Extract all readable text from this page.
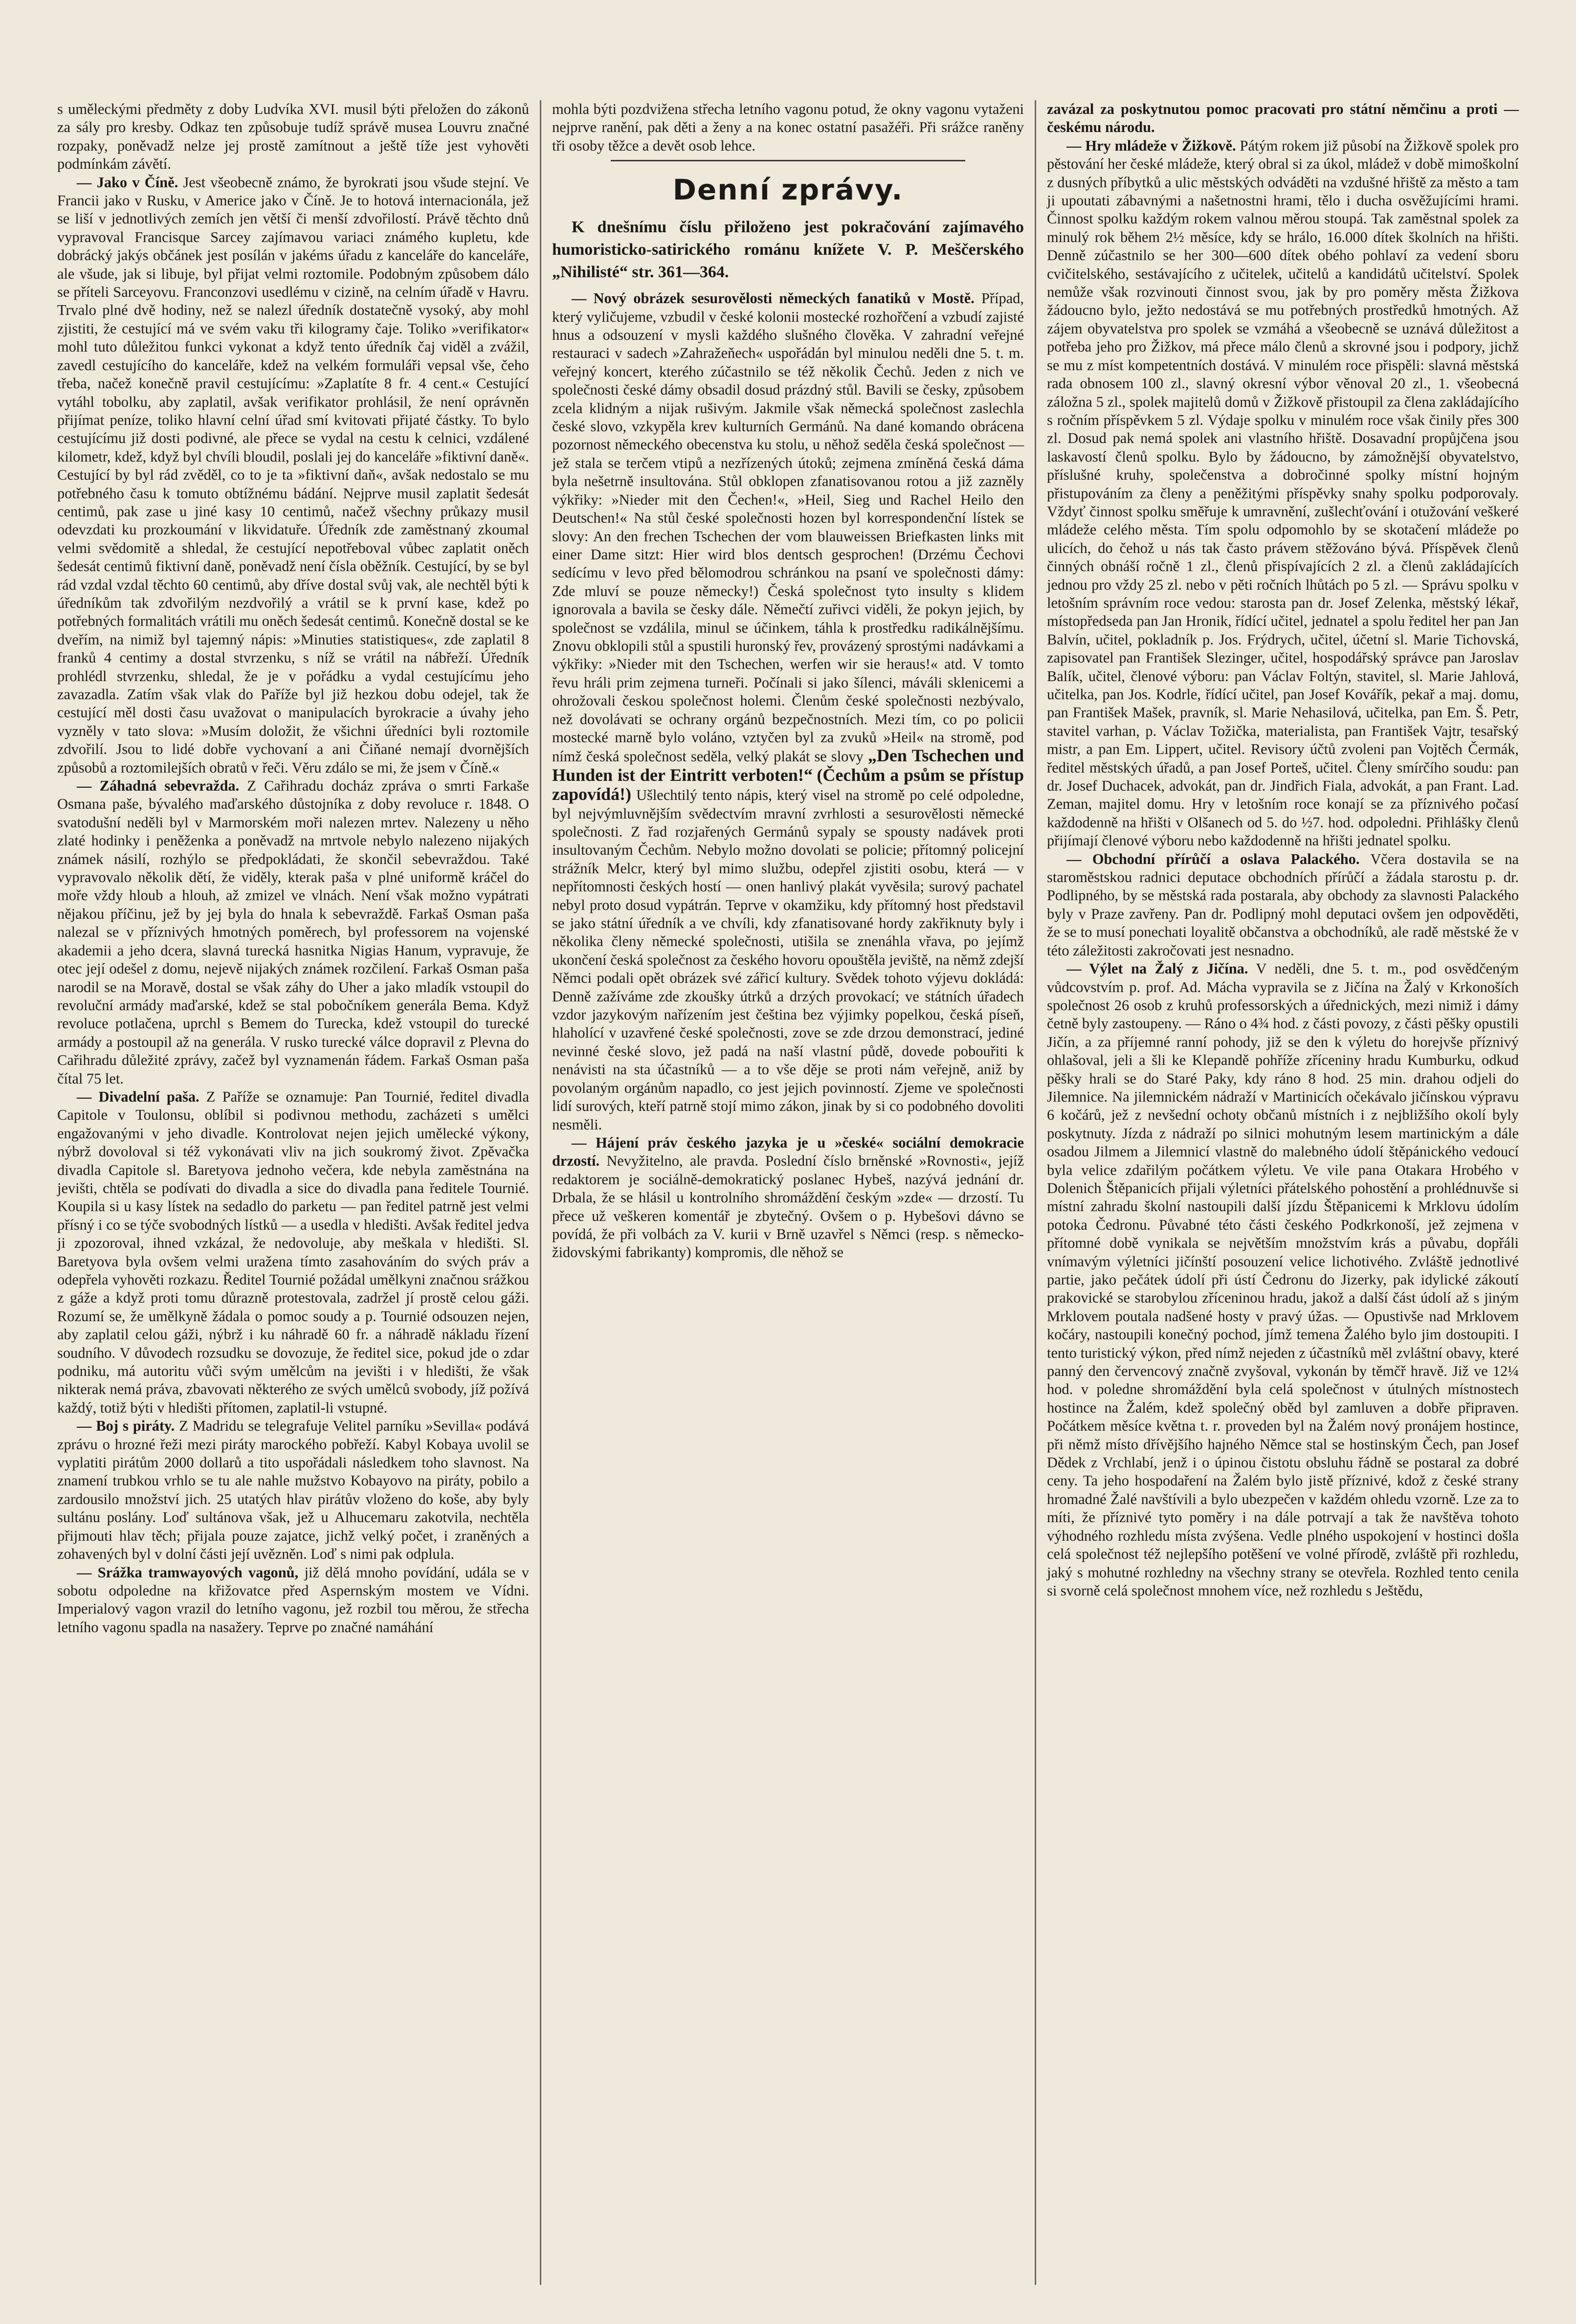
s uměleckými předměty z doby Ludvíka XVI. musil býti přeložen do zákonů za sály pro kresby. Odkaz ten způsobuje tudíž správě musea Louvru značné rozpaky, poněvadž nelze jej prostě zamítnout a ještě tíže jest vyhověti podmínkám závětí.

— Jako v Číně. Jest všeobecně známo, že byrokrati jsou všude stejní. Ve Francii jako v Rusku, v Americe jako v Číně. Je to hotová internacionála, jež se liší v jednotlivých zemích jen větší či menší zdvořilostí. Právě těchto dnů vypravoval Francisque Sarcey zajímavou variaci známého kupletu, kde dobrácký jakýs občánek jest posílán v jakéms úřadu z kanceláře do kanceláře, ale všude, jak si libuje, byl přijat velmi roztomile. Podobným způsobem dálo se příteli Sarceyovu. Franconzovi usedlému v cizině, na celním úřadě v Havru. Trvalo plné dvě hodiny, než se nalezl úředník dostatečně vysoký, aby mohl zjistiti, že cestující má ve svém vaku tři kilogramy čaje. Toliko »verifikator« mohl tuto důležitou funkci vykonat a když tento úředník čaj viděl a zvážil, zavedl cestujícího do kanceláře, kdež na velkém formuláři vepsal vše, čeho třeba, načež konečně pravil cestujícímu: »Zaplatíte 8 fr. 4 cent.« Cestující vytáhl tobolku, aby zaplatil, avšak verifikator prohlásil, že není oprávněn přijímat peníze, toliko hlavní celní úřad smí kvitovati přijaté částky. To bylo cestujícímu již dosti podivné, ale přece se vydal na cestu k celnici, vzdálené kilometr, kdež, když byl chvíli bloudil, poslali jej do kanceláře »fiktivní daně«. Cestující by byl rád zvěděl, co to je ta »fiktivní daň«, avšak nedostalo se mu potřebného času k tomuto obtížnému bádání. Nejprve musil zaplatit šedesát centimů, pak zase u jiné kasy 10 centimů, načež všechny průkazy musil odevzdati ku prozkoumání v likvidatuře. Úředník zde zaměstnaný zkoumal velmi svědomitě a shledal, že cestující nepotřeboval vůbec zaplatit oněch šedesát centimů fiktivní daně, poněvadž není čísla oběžník. Cestující, by se byl rád vzdal vzdal těchto 60 centimů, aby dříve dostal svůj vak, ale nechtěl býti k úředníkům tak zdvořilým nezdvořilý a vrátil se k první kase, kdež po potřebných formalitách vrátili mu oněch šedesát centimů. Konečně dostal se ke dveřím, na nimiž byl tajemný nápis: »Minuties statistiques«, zde zaplatil 8 franků 4 centimy a dostal stvrzenku, s níž se vrátil na nábřeží. Úředník prohlédl stvrzenku, shledal, že je v pořádku a vydal cestujícímu jeho zavazadla. Zatím však vlak do Paříže byl již hezkou dobu odejel, tak že cestující měl dosti času uvažovat o manipulacích byrokracie a úvahy jeho vyzněly v tato slova: »Musím doložit, že všichni úředníci byli roztomile zdvořilí. Jsou to lidé dobře vychovaní a ani Čiňané nemají dvornějších způsobů a roztomilejších obratů v řeči. Věru zdálo se mi, že jsem v Číně.«

— Záhadná sebevražda. Z Cařihradu docház zpráva o smrti Farkaše Osmana paše, bývalého maďarského důstojníka z doby revoluce r. 1848. O svatodušní neděli byl v Marmorském moři nalezen mrtev. Nalezeny u něho zlaté hodinky i peněženka a poněvadž na mrtvole nebylo nalezeno nijakých známek násilí, rozhýlo se předpokládati, že skončil sebevraždou. Také vypravovalo několik dětí, že viděly, kterak paša v plné uniformě kráčel do moře vždy hloub a hlouh, až zmizel ve vlnách. Není však možno vypátrati nějakou příčinu, jež by jej byla do hnala k sebevraždě. Farkaš Osman paša nalezal se v příznivých hmotných poměrech, byl professorem na vojenské akademii a jeho dcera, slavná turecká hasnitka Nigias Hanum, vypravuje, že otec její odešel z domu, nejevě nijakých známek rozčilení. Farkaš Osman paša narodil se na Moravě, dostal se však záhy do Uher a jako mladík vstoupil do revoluční armády maďarské, kdež se stal pobočníkem generála Bema. Když revoluce potlačena, uprchl s Bemem do Turecka, kdež vstoupil do turecké armády a postoupil až na generála. V rusko turecké válce dopravil z Plevna do Cařihradu důležité zprávy, začež byl vyznamenán řádem. Farkaš Osman paša čítal 75 let.

— Divadelní paša. Z Paříže se oznamuje: Pan Tournié, ředitel divadla Capitole v Toulonsu, oblíbil si podivnou methodu, zacházeti s umělci engažovanými v jeho divadle. Kontrolovat nejen jejich umělecké výkony, nýbrž dovoloval si též vykonávati vliv na jich soukromý život. Zpěvačka divadla Capitole sl. Baretyova jednoho večera, kde nebyla zaměstnána na jevišti, chtěla se podívati do divadla a sice do divadla pana ředitele Tournié. Koupila si u kasy lístek na sedadlo do parketu — pan ředitel patrně jest velmi přísný i co se týče svobodných lístků — a usedla v hledišti. Avšak ředitel jedva ji zpozoroval, ihned vzkázal, že nedovoluje, aby meškala v hledišti. Sl. Baretyova byla ovšem velmi uražena tímto zasahováním do svých práv a odepřela vyhověti rozkazu. Ředitel Tournié požádal umělkyni značnou srážkou z gáže a když proti tomu důrazně protestovala, zadržel jí prostě celou gáži. Rozumí se, že umělkyně žádala o pomoc soudy a p. Tournié odsouzen nejen, aby zaplatil celou gáži, nýbrž i ku náhradě 60 fr. a náhradě nákladu řízení soudního. V důvodech rozsudku se dovozuje, že ředitel sice, pokud jde o zdar podniku, má autoritu vůči svým umělcům na jevišti i v hledišti, že však nikterak nemá práva, zbavovati některého ze svých umělců svobody, jíž požívá každý, totiž býti v hledišti přítomen, zaplatil-li vstupné.

— Boj s piráty. Z Madridu se telegrafuje Velitel parníku »Sevilla« podává zprávu o hrozné řeži mezi piráty marockého pobřeží. Kabyl Kobaya uvolil se vyplatiti pirátům 2000 dollarů a tito uspořádali následkem toho slavnost. Na znamení trubkou vrhlo se tu ale nahle mužstvo Kobayovo na piráty, pobilo a zardousilo množství jich. 25 utatých hlav pirátův vloženo do koše, aby byly sultánu poslány. Loď sultánova však, jež u Alhucemaru zakotvila, nechtěla přijmouti hlav těch; přijala pouze zajatce, jichž velký počet, i zraněných a zohavených byl v dolní části její uvězněn. Loď s nimi pak odplula.

— Srážka tramwayových vagonů, již dělá mnoho povídání, udála se v sobotu odpoledne na křižovatce před Aspernským mostem ve Vídni. Imperialový vagon vrazil do letního vagonu, jež rozbil tou měrou, že střecha letního vagonu spadla na nasažery. Teprve po značné namáhání

mohla býti pozdvižena střecha letního vagonu potud, že okny vagonu vytaženi nejprve ranění, pak děti a ženy a na konec ostatní pasažéři. Při srážce raněny tři osoby těžce a devět osob lehce.

Denní zprávy.
K dnešnímu číslu přiloženo jest pokračování zajímavého humoristicko-satirického románu knížete V. P. Meščerského „Nihilisté“ str. 361—364.

— Nový obrázek sesurovělosti německých fanatiků v Mostě. Případ, který vyličujeme, vzbudil v české kolonii mostecké rozhořčení a vzbudí zajisté hnus a odsouzení v mysli každého slušného člověka. V zahradní veřejné restauraci v sadech »Zahražeňech« uspořádán byl minulou neděli dne 5. t. m. veřejný koncert, kterého zúčastnilo se též několik Čechů. Jeden z nich ve společnosti české dámy obsadil dosud prázdný stůl. Bavili se česky, způsobem zcela klidným a nijak rušivým. Jakmile však německá společnost zaslechla české slovo, vzkypěla krev kulturních Germánů. Na dané komando obrácena pozornost německého obecenstva ku stolu, u něhož seděla česká společnost — jež stala se terčem vtipů a nezřízených útoků; zejmena zmíněná česká dáma byla nešetrně insultována. Stůl obklopen zfanatisovanou rotou a již zazněly výkřiky: »Nieder mit den Čechen!«, »Heil, Sieg und Rachel Heilo den Deutschen!« Na stůl české společnosti hozen byl korrespondenční lístek se slovy: An den frechen Tschechen der vom blauweissen Briefkasten links mit einer Dame sitzt: Hier wird blos dentsch gesprochen! (Drzému Čechovi sedícímu v levo před bělomodrou schránkou na psaní ve společnosti dámy: Zde mluví se pouze německy!) Česká společnost tyto insulty s klidem ignorovala a bavila se česky dále. Němečtí zuřivci viděli, že pokyn jejich, by společnost se vzdálila, minul se účinkem, táhla k prostředku radikálnějšímu. Znovu obklopili stůl a spustili huronský řev, provázený sprostými nadávkami a výkřiky: »Nieder mit den Tschechen, werfen wir sie heraus!« atd. V tomto řevu hráli prim zejmena turneři. Počínali si jako šílenci, máváli sklenicemi a ohrožovali českou společnost holemi. Členům české společnosti nezbývalo, než dovolávati se ochrany orgánů bezpečnostních. Mezi tím, co po policii mostecké marně bylo voláno, vztyčen byl za zvuků »Heil« na stromě, pod nímž česká společnost seděla, velký plakát se slovy „Den Tschechen und Hunden ist der Eintritt verboten!“ (Čechům a psům se přístup zapovídá!) Ušlechtilý tento nápis, který visel na stromě po celé odpoledne, byl nejvýmluvnějším svědectvím mravní zvrhlosti a sesurovělosti německé společnosti. Z řad rozjařených Germánů sypaly se spousty nadávek proti insultovaným Čechům. Nebylo možno dovolati se policie; přítomný policejní strážník Melcr, který byl mimo službu, odepřel zjistiti osobu, která — v nepřítomnosti českých hostí — onen hanlivý plakát vyvěsila; surový pachatel nebyl proto dosud vypátrán. Teprve v okamžiku, kdy přítomný host představil se jako státní úředník a ve chvíli, kdy zfanatisované hordy zakřiknuty byly i několika členy německé společnosti, utišila se znenáhla vřava, po jejímž ukončení česká společnost za českého hovoru opouštěla jeviště, na němž zdejší Němci podali opět obrázek své zářicí kultury. Svědek tohoto výjevu dokládá: Denně zažíváme zde zkoušky útrků a drzých provokací; ve státních úřadech vzdor jazykovým nařízením jest čeština bez výjimky popelkou, česká píseň, hlaholící v uzavřené české společnosti, zove se zde drzou demonstrací, jediné nevinné české slovo, jež padá na naší vlastní půdě, dovede pobouřiti k nenávisti na sta účastníků — a to vše děje se proti nám veřejně, aniž by povolaným orgánům napadlo, co jest jejich povinností. Zjeme ve společnosti lidí surových, kteří patrně stojí mimo zákon, jinak by si co podobného dovoliti nesměli.

— Hájení práv českého jazyka je u »české« sociální demokracie drzostí. Nevyžitelno, ale pravda. Poslední číslo brněnské »Rovnosti«, jejíž redaktorem je sociálně-demokratický poslanec Hybeš, nazývá jednání dr. Drbala, že se hlásil u kontrolního shromáždění českým »zde« — drzostí. Tu přece už veškeren komentář je zbytečný. Ovšem o p. Hybešovi dávno se povídá, že při volbách za V. kurii v Brně uzavřel s Němci (resp. s německo-židovskými fabrikanty) kompromis, dle něhož se

zavázal za poskytnutou pomoc pracovati pro státní němčinu a proti — českému národu.

— Hry mládeže v Žižkově. Pátým rokem již působí na Žižkově spolek pro pěstování her české mládeže, který obral si za úkol, mládež v době mimoškolní z dusných příbytků a ulic městských odváděti na vzdušné hřiště za město a tam ji upoutati zábavnými a našetnostni hrami, tělo i ducha osvěžujícími hrami. Činnost spolku každým rokem valnou měrou stoupá. Tak zaměstnal spolek za minulý rok během 2½ měsíce, kdy se hrálo, 16.000 dítek školních na hřišti. Denně zúčastnilo se her 300—600 dítek obého pohlaví za vedení sboru cvičitelského, sestávajícího z učitelek, učitelů a kandidátů učitelství. Spolek nemůže však rozvinouti činnost svou, jak by pro poměry města Žižkova žádoucno bylo, ježto nedostává se mu potřebných prostředků hmotných. Až zájem obyvatelstva pro spolek se vzmáhá a všeobecně se uznává důležitost a potřeba jeho pro Žižkov, má přece málo členů a skrovné jsou i podpory, jichž se mu z míst kompetentních dostává. V minulém roce přispěli: slavná městská rada obnosem 100 zl., slavný okresní výbor věnoval 20 zl., 1. všeobecná záložna 5 zl., spolek majitelů domů v Žižkově přistoupil za člena zakládajícího s ročním příspěvkem 5 zl. Výdaje spolku v minulém roce však činily přes 300 zl. Dosud pak nemá spolek ani vlastního hřiště. Dosavadní propůjčena jsou laskavostí členů spolku. Bylo by žádoucno, by zámožnější obyvatelstvo, příslušné kruhy, společenstva a dobročinné spolky místní hojným přistupováním za členy a peněžitými příspěvky snahy spolku podporovaly. Vždyť činnost spolku směřuje k umravnění, zušlechťování i otužování veškeré mládeže celého města. Tím spolu odpomohlo by se skotačení mládeže po ulicích, do čehož u nás tak často právem stěžováno bývá. Příspěvek členů činných obnáší ročně 1 zl., členů přispívajících 2 zl. a členů zakládajících jednou pro vždy 25 zl. nebo v pěti ročních lhůtách po 5 zl. — Správu spolku v letošním správním roce vedou: starosta pan dr. Josef Zelenka, městský lékař, místopředseda pan Jan Hronik, řídící učitel, jednatel a spolu ředitel her pan Jan Balvín, učitel, pokladník p. Jos. Frýdrych, učitel, účetní sl. Marie Tichovská, zapisovatel pan František Slezinger, učitel, hospodářský správce pan Jaroslav Balík, učitel, členové výboru: pan Václav Foltýn, stavitel, sl. Marie Jahlová, učitelka, pan Jos. Kodrle, řídící učitel, pan Josef Kovářík, pekař a maj. domu, pan František Mašek, pravník, sl. Marie Nehasilová, učitelka, pan Em. Š. Petr, stavitel varhan, p. Václav Tožička, materialista, pan František Vajtr, tesařský mistr, a pan Em. Lippert, učitel. Revisory účtů zvoleni pan Vojtěch Čermák, ředitel městských úřadů, a pan Josef Porteš, učitel. Členy smírčího soudu: pan dr. Josef Duchacek, advokát, pan dr. Jindřich Fiala, advokát, a pan Frant. Lad. Zeman, majitel domu. Hry v letošním roce konají se za příznivého počasí každodenně na hřišti v Olšanech od 5. do ½7. hod. odpoledni. Přihlášky členů přijímají členové výboru nebo každodenně na hřišti jednatel spolku.

— Obchodní přírůčí a oslava Palackého. Včera dostavila se na staroměstskou radnici deputace obchodních přírůčí a žádala starostu p. dr. Podlipného, by se městská rada postarala, aby obchody za slavnosti Palackého byly v Praze zavřeny. Pan dr. Podlipný mohl deputaci ovšem jen odpověděti, že se to musí ponechati loyalitě občanstva a obchodníků, ale radě městské že v této záležitosti zakročovati jest nesnadno.

— Výlet na Žalý z Jičína. V neděli, dne 5. t. m., pod osvědčeným vůdcovstvím p. prof. Ad. Mácha vypravila se z Jičína na Žalý v Krkonoších společnost 26 osob z kruhů professorských a úřednických, mezi nimiž i dámy četně byly zastoupeny. — Ráno o 4¾ hod. z části povozy, z části pěšky opustili Jičín, a za příjemné ranní pohody, již se den k výletu do horejvše příznivý ohlašoval, jeli a šli ke Klepandě pohříže zříceniny hradu Kumburku, odkud pěšky hrali se do Staré Paky, kdy ráno 8 hod. 25 min. drahou odjeli do Jilemnice. Na jilemnickém nádraží v Martinicích očekávalo jičínskou výpravu 6 kočárů, jež z nevšední ochoty občanů místních i z nejbližšího okolí byly poskytnuty. Jízda z nádraží po silnici mohutným lesem martinickým a dále osadou Jilmem a Jilemnicí vlastně do malebného údolí štěpánického vedoucí byla velice zdařilým počátkem výletu. Ve vile pana Otakara Hrobého v Dolenich Štěpanicích přijali výletníci přátelského pohostění a prohlédnuvše si místní zahradu školní nastoupili další jízdu Štěpanicemi k Mrklovu údolím potoka Čedronu. Půvabné této části českého Podkrkonoší, jež zejmena v přítomné době vynikala se největším množstvím krás a půvabu, dopřáli vnímavým výletníci jičínští posouzení velice lichotivého. Zvláště jednotlivé partie, jako pečátek údolí při ústí Čedronu do Jizerky, pak idylické zákoutí prakovické se starobylou zříceninou hradu, jakož a další část údolí až s jiným Mrklovem poutala nadšené hosty v pravý úžas. — Opustivše nad Mrklovem kočáry, nastoupili konečný pochod, jímž temena Žalého bylo jim dostoupiti. I tento turistický výkon, před nímž nejeden z účastníků měl zvláštní obavy, které panný den červencový značně zvyšoval, vykonán by těmčř hravě. Již ve 12¼ hod. v poledne shromáždění byla celá společnost v útulných místnostech hostince na Žalém, kdež společný oběd byl zamluven a dobře připraven. Počátkem měsíce května t. r. proveden byl na Žalém nový pronájem hostince, při němž místo dřívějšího hajného Němce stal se hostinským Čech, pan Josef Dědek z Vrchlabí, jenž i o úpinou čistotu obsluhu řádně se postaral za dobré ceny. Ta jeho hospodaření na Žalém bylo jistě příznivé, kdož z české strany hromadné Žalé navštívili a bylo ubezpečen v každém ohledu vzorně. Lze za to míti, že příznivé tyto poměry i na dále potrvají a tak že navštěva tohoto výhodného rozhledu místa zvýšena. Vedle plného uspokojení v hostinci došla celá společnost též nejlepšího potěšení ve volné přírodě, zvláště při rozhledu, jaký s mohutné rozhledny na všechny strany se otevřela. Rozhled tento cenila si svorně celá společnost mnohem více, než rozhledu s Ještědu,
